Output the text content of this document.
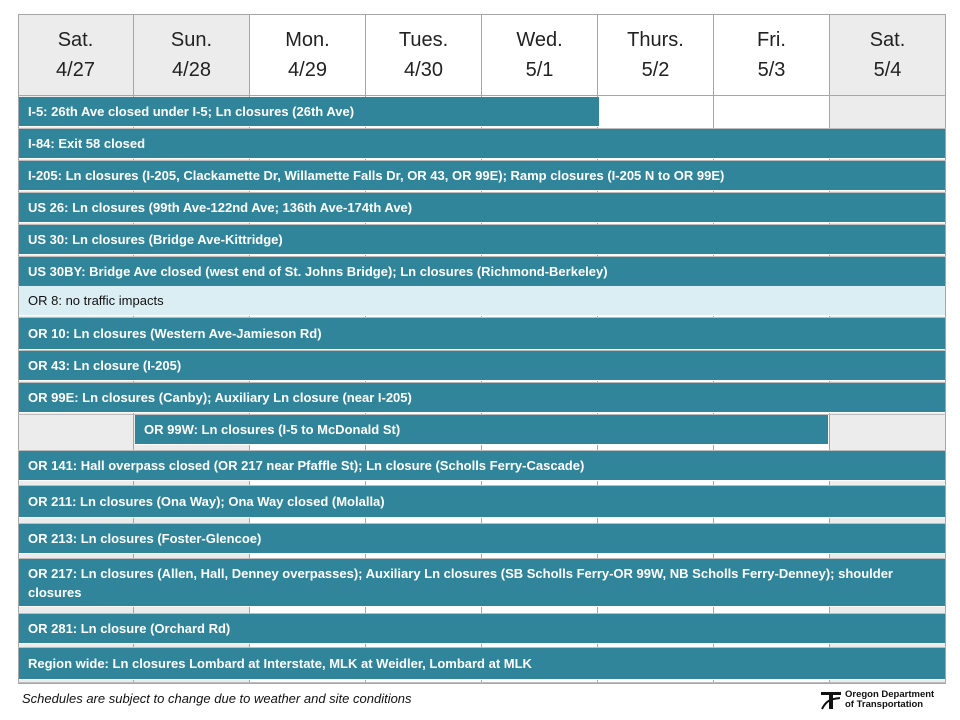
Sat.
4/27
Sun.
4/28
Mon.
4/29
Tues.
4/30
Wed.
5/1
Thurs.
5/2
Fri.
5/3
Sat.
5/4
I-5: 26th Ave closed under I-5; Ln closures (26th Ave)
I-84: Exit 58 closed
I-205: Ln closures (I-205, Clackamette Dr, Willamette Falls Dr, OR 43, OR 99E); Ramp closures (I-205 N to OR 99E)
US 26: Ln closures (99th Ave-122nd Ave; 136th Ave-174th Ave)
US 30: Ln closures (Bridge Ave-Kittridge)
US 30BY: Bridge Ave closed (west end of St. Johns Bridge); Ln closures (Richmond-Berkeley)
OR 8: no traffic impacts
OR 10: Ln closures (Western Ave-Jamieson Rd)
OR 43: Ln closure (I-205)
OR 99E: Ln closures (Canby); Auxiliary Ln closure (near I-205)
OR 99W: Ln closures (I-5 to McDonald St)
OR 141: Hall overpass closed (OR 217 near Pfaffle St); Ln closure (Scholls Ferry-Cascade)
OR 211: Ln closures (Ona Way); Ona Way closed (Molalla)
OR 213: Ln closures (Foster-Glencoe)
OR 217: Ln closures (Allen, Hall, Denney overpasses); Auxiliary Ln closures (SB Scholls Ferry-OR 99W, NB Scholls Ferry-Denney); shoulder closures
OR 281: Ln closure (Orchard Rd)
Region wide: Ln closures Lombard at Interstate, MLK at Weidler, Lombard at MLK
Schedules are subject to change due to weather and site conditions	Oregon Department
of Transportation
